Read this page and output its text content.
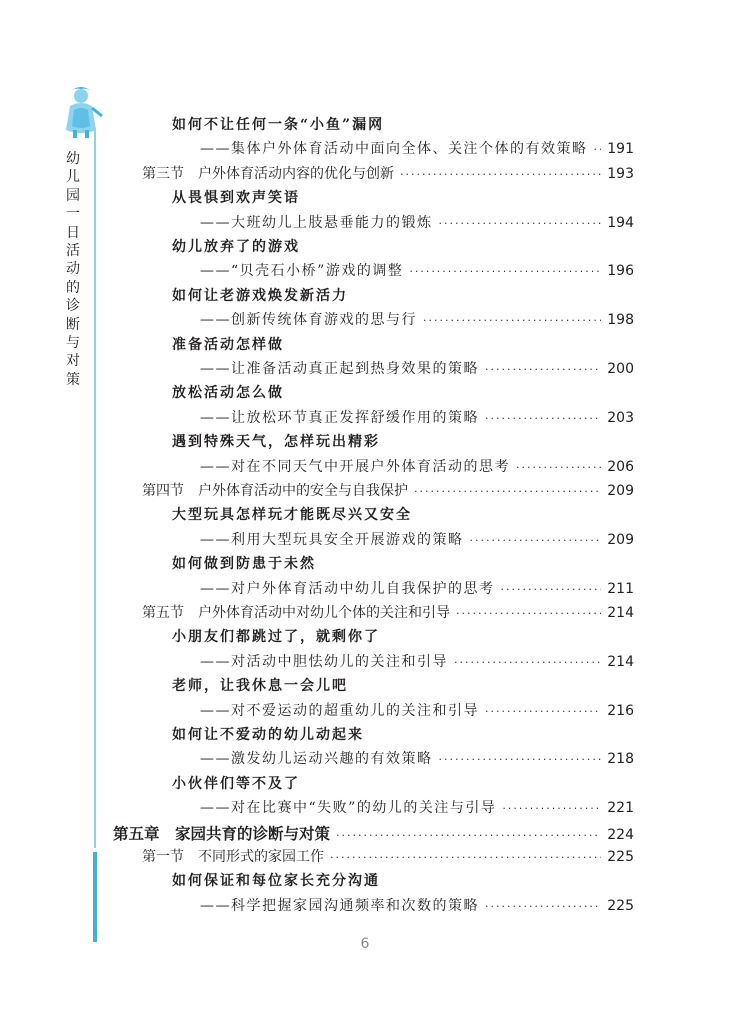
幼儿园一日活动的诊断与对策
如何不让任何一条“小鱼”漏网
——集体户外体育活动中面向全体、关注个体的有效策略 ····· 191
第三节　户外体育活动内容的优化与创新 ·····	193
从畏惧到欢声笑语
——大班幼儿上肢悬垂能力的锻炼 ·····	194
幼儿放弃了的游戏
——“贝壳石小桥”游戏的调整 ·····	196
如何让老游戏焕发新活力
——创新传统体育游戏的思与行 ·····	198
准备活动怎样做
——让准备活动真正起到热身效果的策略 ·····	200
放松活动怎么做
——让放松环节真正发挥舒缓作用的策略 ·····	203
遇到特殊天气，怎样玩出精彩
——对在不同天气中开展户外体育活动的思考 ·····	206
第四节　户外体育活动中的安全与自我保护 ·····	209
大型玩具怎样玩才能既尽兴又安全
——利用大型玩具安全开展游戏的策略 ·····	209
如何做到防患于未然
——对户外体育活动中幼儿自我保护的思考 ·····	211
第五节　户外体育活动中对幼儿个体的关注和引导 ·····	214
小朋友们都跳过了，就剩你了
——对活动中胆怯幼儿的关注和引导 ·····	214
老师，让我休息一会儿吧
——对不爱运动的超重幼儿的关注和引导 ·····	216
如何让不爱动的幼儿动起来
——激发幼儿运动兴趣的有效策略 ·····	218
小伙伴们等不及了
——对在比赛中“失败”的幼儿的关注与引导 ·····	221
第五章　家园共育的诊断与对策 ·····	224
第一节　不同形式的家园工作 ·····	225
如何保证和每位家长充分沟通
——科学把握家园沟通频率和次数的策略 ·····	225
6
